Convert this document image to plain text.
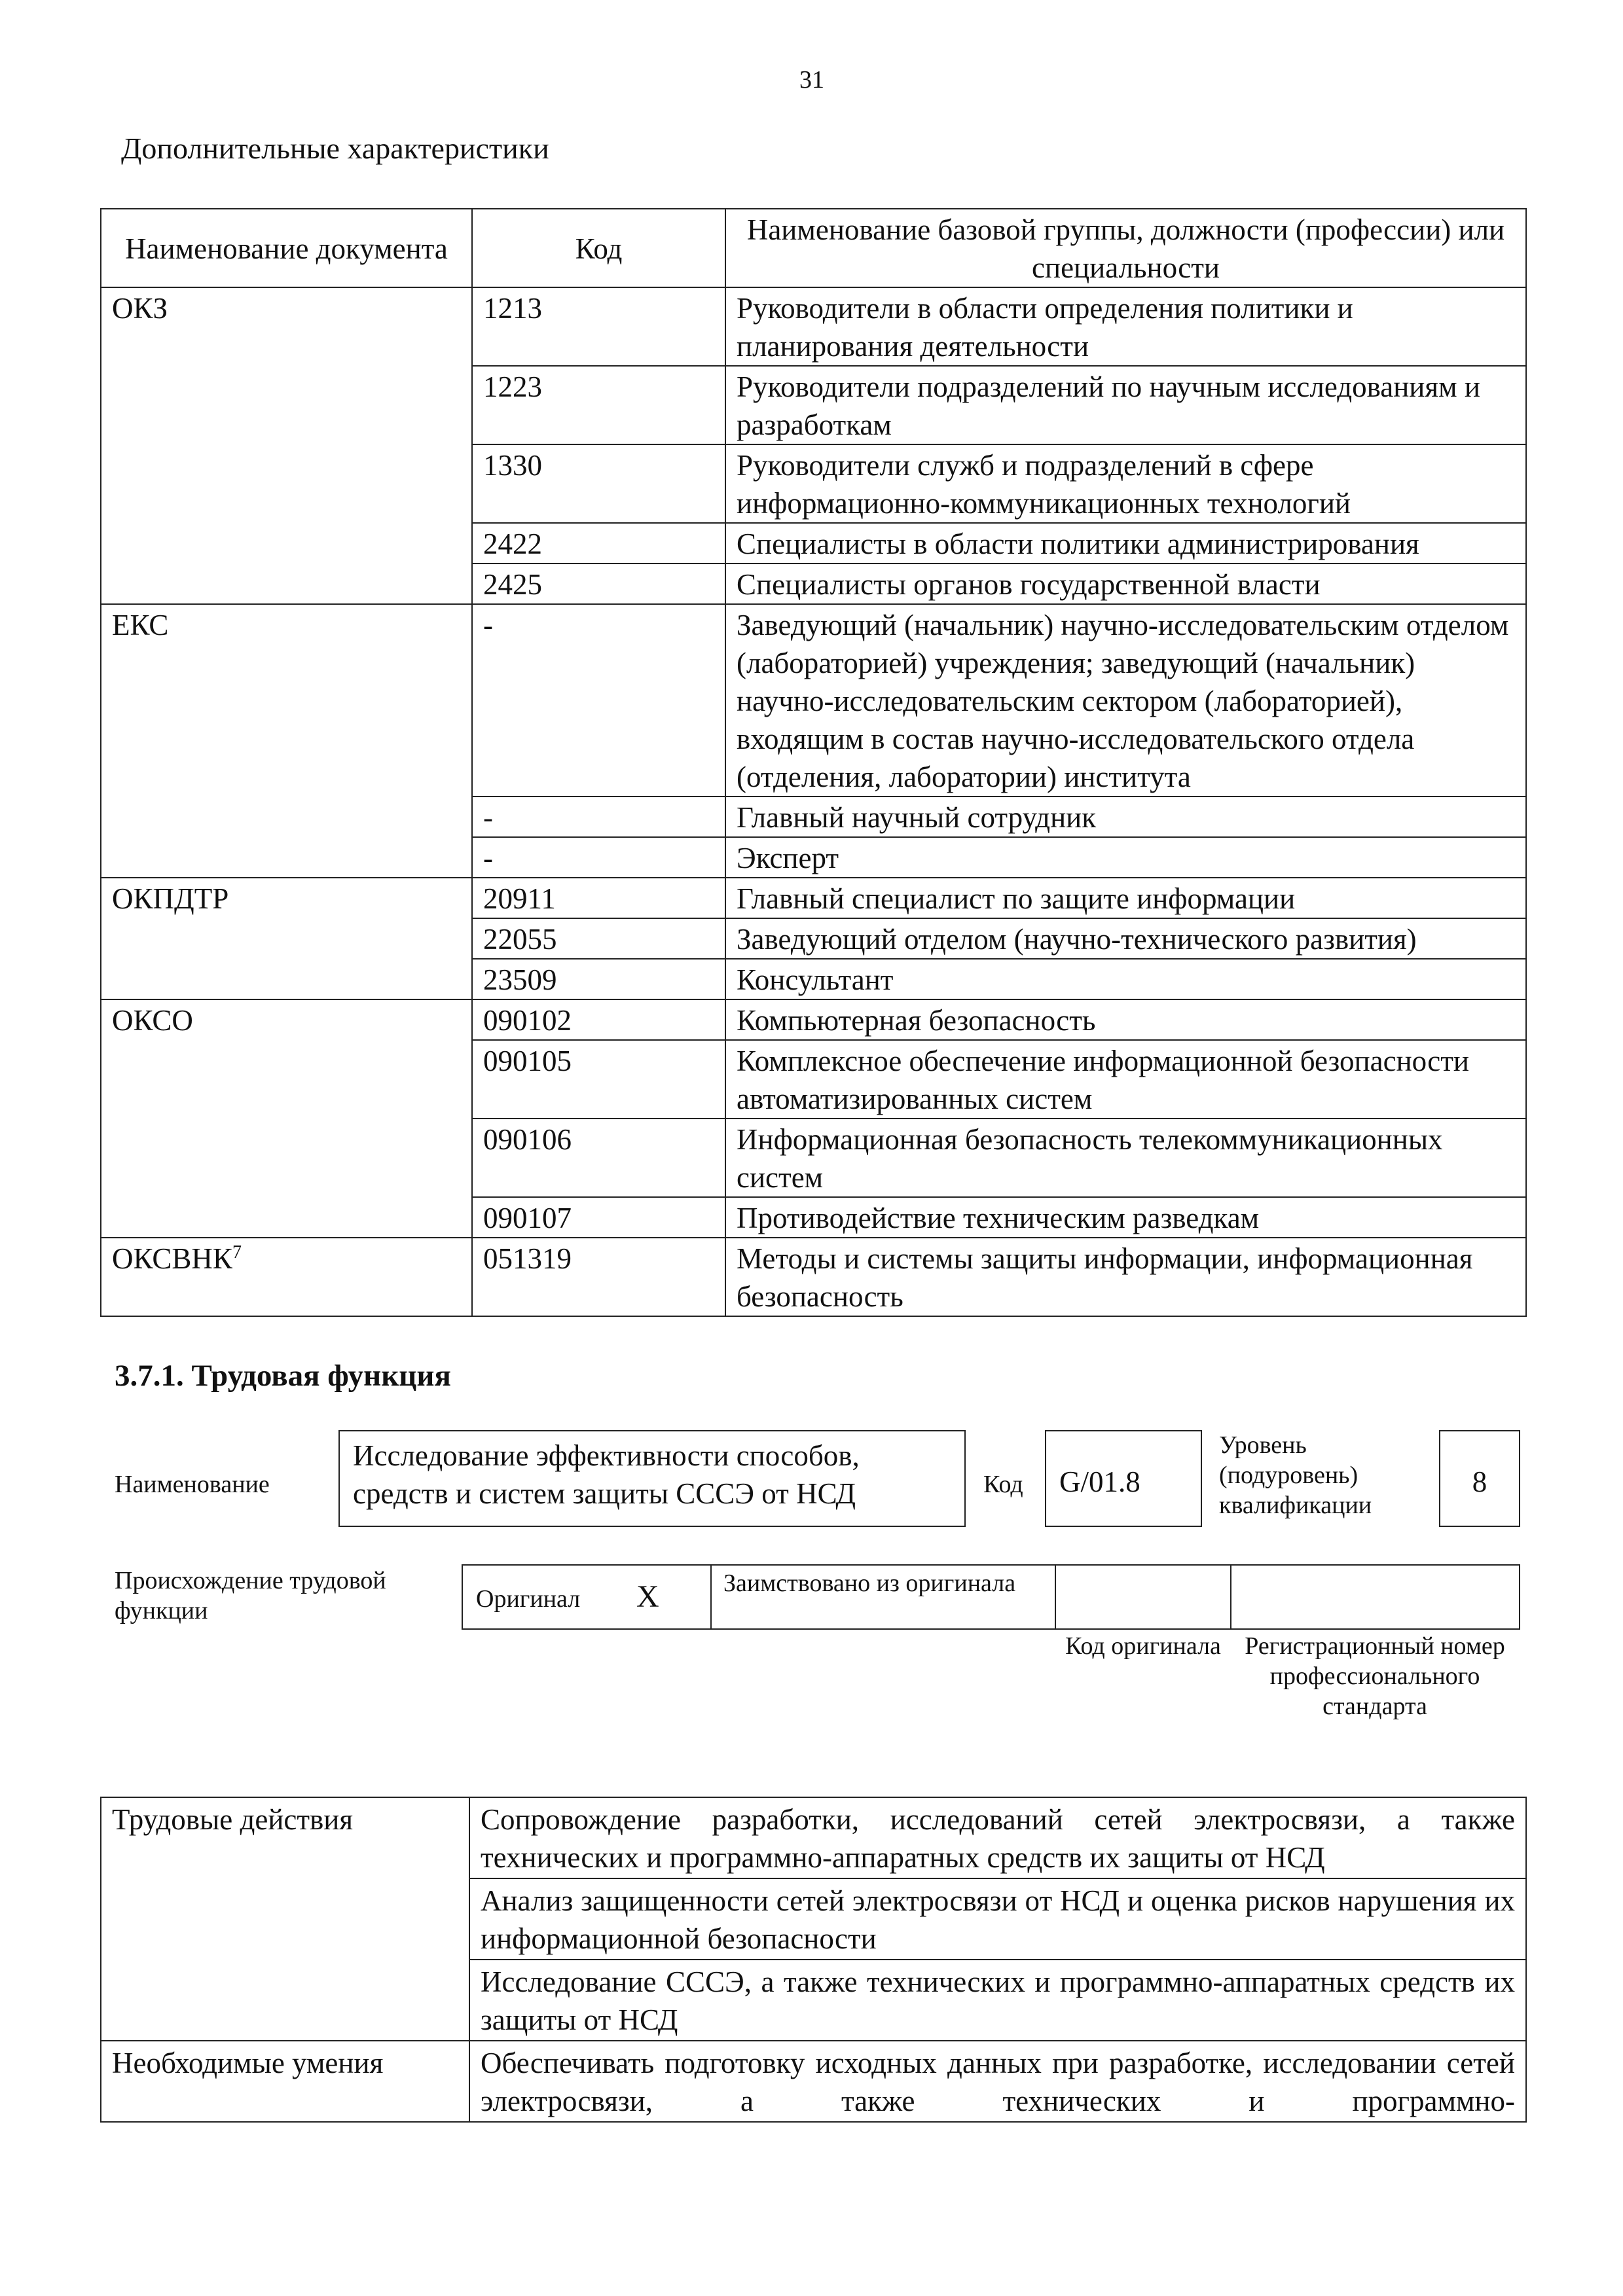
31
Дополнительные характеристики
Наименование документа	Код	Наименование базовой группы, должности (профессии) или специальности
ОКЗ	1213	Руководители в области определения политики и планирования деятельности
	1223	Руководители подразделений по научным исследованиям и разработкам
	1330	Руководители служб и подразделений в сфере информационно-коммуникационных технологий
	2422	Специалисты в области политики администрирования
	2425	Специалисты органов государственной власти
ЕКС	-	Заведующий (начальник) научно-исследовательским отделом (лабораторией) учреждения; заведующий (начальник) научно-исследовательским сектором (лабораторией), входящим в состав научно-исследовательского отдела (отделения, лаборатории) института
	-	Главный научный сотрудник
	-	Эксперт
ОКПДТР	20911	Главный специалист по защите информации
	22055	Заведующий отделом (научно-технического развития)
	23509	Консультант
ОКСО	090102	Компьютерная безопасность
	090105	Комплексное обеспечение информационной безопасности автоматизированных систем
	090106	Информационная безопасность телекоммуникационных систем
	090107	Противодействие техническим разведкам
ОКСВНК$^7$	051319	Методы и системы защиты информации, информационная безопасность
3.7.1. Трудовая функция
Наименование
Исследование эффективности способов, средств и систем защиты СССЭ от НСД	Код	G/01.8
Уровень (подуровень) квалификации
8
Происхождение трудовой функции	Оригинал X	Заимствовано из оригинала
Код оригинала Регистрационный номер профессионального стандарта
Трудовые действия	Сопровождение разработки, исследований сетей электросвязи, а также технических и программно-аппаратных средств их защиты от НСД
	Анализ защищенности сетей электросвязи от НСД и оценка рисков нарушения их информационной безопасности
	Исследование СССЭ, а также технических и программно-аппаратных средств их защиты от НСД
Необходимые умения	Обеспечивать подготовку исходных данных при разработке, исследовании сетей электросвязи, а также технических и программно-
